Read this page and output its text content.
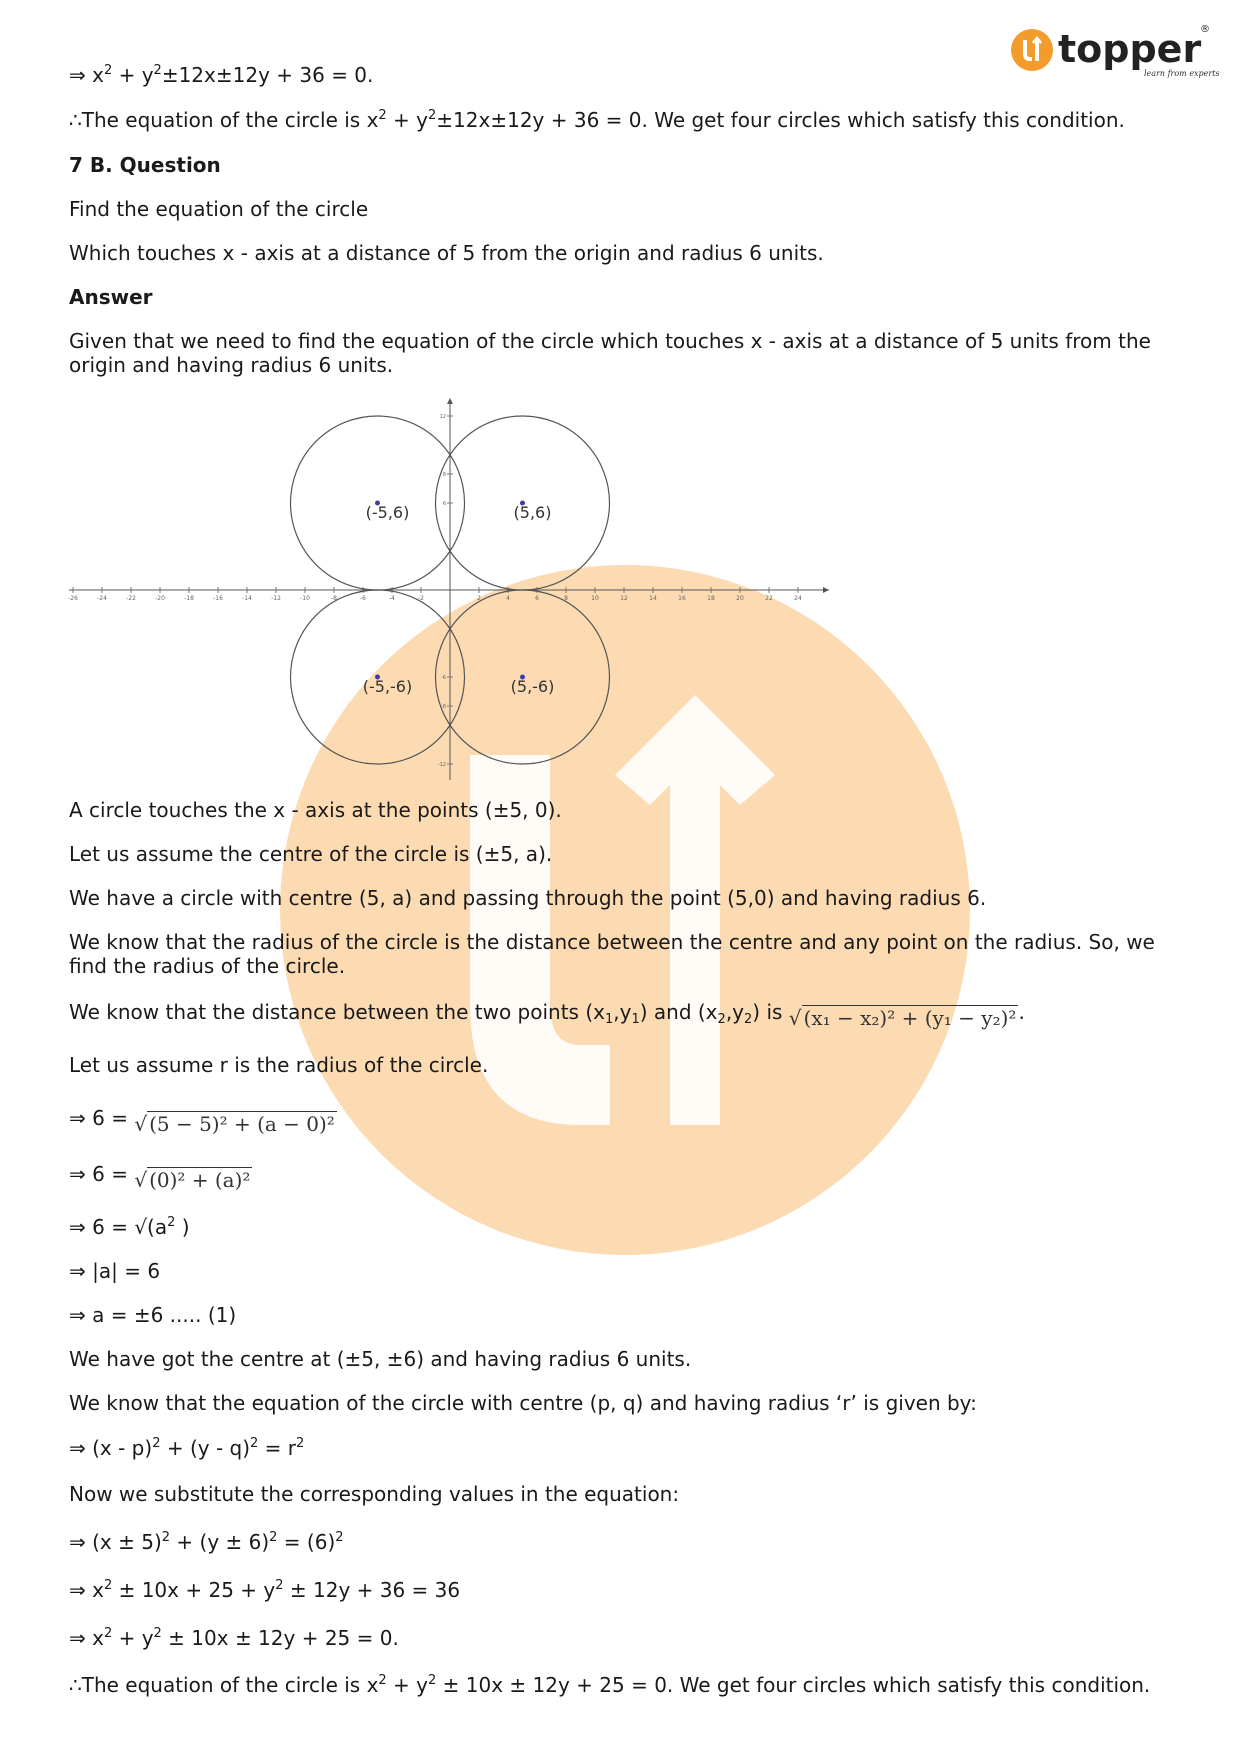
topper
®
learn from experts
⇒ $x^2 + y^2\pm 12x\pm 12y + 36 = 0$.
∴The equation of the circle is $x^2 + y^2\pm 12x\pm 12y + 36 = 0$. We get four circles which satisfy this condition.
7 B. Question
Find the equation of the circle
Which touches x - axis at a distance of 5 from the origin and radius 6 units.
Answer
Given that we need to find the equation of the circle which touches x - axis at a distance of 5 units from the origin and having radius 6 units.
-26	-24	-22	-20	-18	-16	-14	-12	-10	-8	-6	-4	-2	2	4	6	8	10	12	14	16	18	20	22	24
12
8
6
-6
-8
-12
(-5,6)	(5,6)
(-5,-6)	(5,-6)
A circle touches the x - axis at the points (±5, 0).
Let us assume the centre of the circle is (±5, a).
We have a circle with centre (5, a) and passing through the point (5,0) and having radius 6.
We know that the radius of the circle is the distance between the centre and any point on the radius. So, we find the radius of the circle.
We know that the distance between the two points $(x_1,y_1)$ and $(x_2,y_2)$ is √ (x₁ − x₂)² + (y₁ − y₂)² .
Let us assume r is the radius of the circle.
⇒ 6 = √ (5 − 5)² + (a − 0)²
⇒ 6 = √ (0)² + (a)²
⇒ $6 = √(a^2$ )
⇒ |a| = 6
⇒ a = ±6 ..... (1)
We have got the centre at (±5, ±6) and having radius 6 units.
We know that the equation of the circle with centre (p, q) and having radius ‘r’ is given by:
⇒ $(x - p)^2 + (y - q)^2 = r^2$
Now we substitute the corresponding values in the equation:
⇒ $(x \pm 5)^2 + (y \pm 6)^2 = (6)^2$
⇒ $x^2 \pm 10x + 25 + y^2 \pm 12y + 36 = 36$
⇒ $x^2 + y^2 \pm 10x \pm 12y + 25 = 0$.
∴The equation of the circle is $x^2 + y^2 \pm 10x \pm 12y + 25 = 0$. We get four circles which satisfy this condition.
